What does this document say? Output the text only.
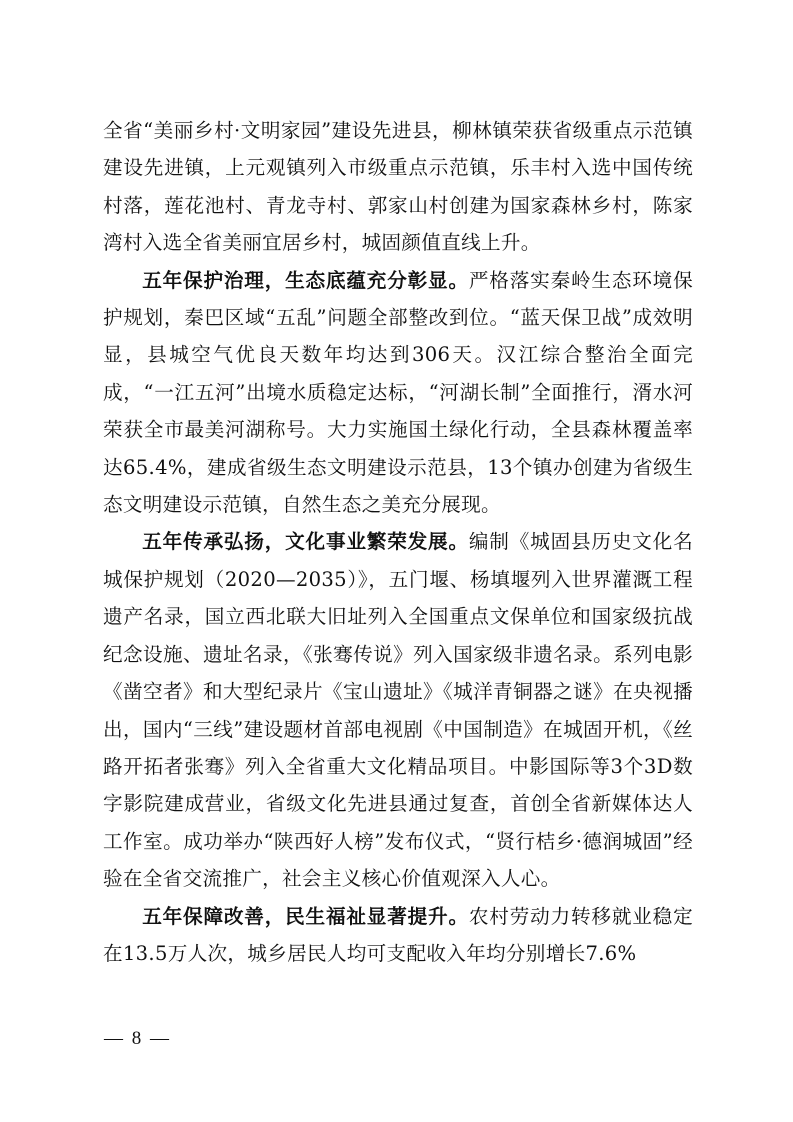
全省“美丽乡村·文明家园”建设先进县，柳林镇荣获省级重点示范镇建设先进镇，上元观镇列入市级重点示范镇，乐丰村入选中国传统村落，莲花池村、青龙寺村、郭家山村创建为国家森林乡村，陈家湾村入选全省美丽宜居乡村，城固颜值直线上升。

五年保护治理，生态底蕴充分彰显。严格落实秦岭生态环境保护规划，秦巴区域“五乱”问题全部整改到位。“蓝天保卫战”成效明显，县城空气优良天数年均达到306天。汉江综合整治全面完成，“一江五河”出境水质稳定达标，“河湖长制”全面推行，湑水河荣获全市最美河湖称号。大力实施国土绿化行动，全县森林覆盖率达65.4%，建成省级生态文明建设示范县，13个镇办创建为省级生态文明建设示范镇，自然生态之美充分展现。

五年传承弘扬，文化事业繁荣发展。编制《城固县历史文化名城保护规划（2020—2035）》，五门堰、杨填堰列入世界灌溉工程遗产名录，国立西北联大旧址列入全国重点文保单位和国家级抗战纪念设施、遗址名录，《张骞传说》列入国家级非遗名录。系列电影《凿空者》和大型纪录片《宝山遗址》《城洋青铜器之谜》在央视播出，国内“三线”建设题材首部电视剧《中国制造》在城固开机，《丝路开拓者张骞》列入全省重大文化精品项目。中影国际等3个3D数字影院建成营业，省级文化先进县通过复查，首创全省新媒体达人工作室。成功举办“陕西好人榜”发布仪式，“贤行桔乡·德润城固”经验在全省交流推广，社会主义核心价值观深入人心。

五年保障改善，民生福祉显著提升。农村劳动力转移就业稳定在13.5万人次，城乡居民人均可支配收入年均分别增长7.6%

— 8 —
